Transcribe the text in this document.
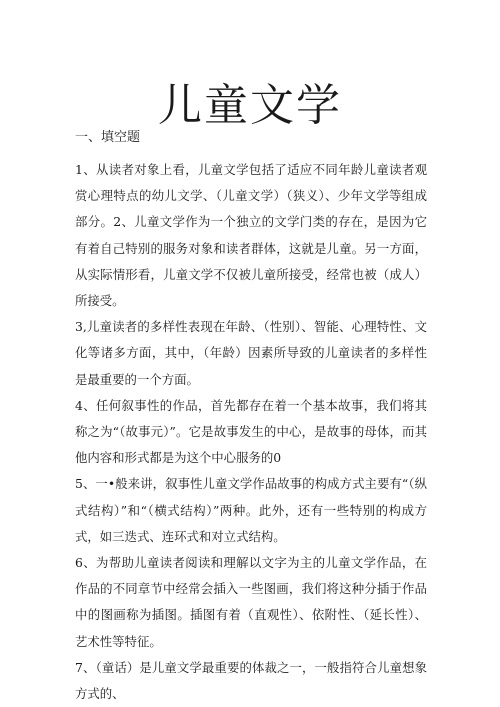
儿童文学

一、填空题

1、从读者对象上看，儿童文学包括了适应不同年龄儿童读者观赏心理特点的幼儿文学、（儿童文学）（狭义）、少年文学等组成部分。2、儿童文学作为一个独立的文学门类的存在，是因为它有着自己特别的服务对象和读者群体，这就是儿童。另一方面，从实际情形看，儿童文学不仅被儿童所接受，经常也被（成人）所接受。

3,儿童读者的多样性表现在年龄、（性别）、智能、心理特性、文化等诸多方面，其中，（年龄）因素所导致的儿童读者的多样性是最重要的一个方面。

4、任何叙事性的作品，首先都存在着一个基本故事，我们将其称之为“（故事元）”。它是故事发生的中心，是故事的母体，而其他内容和形式都是为这个中心服务的0

5、一•般来讲，叙事性儿童文学作品故事的构成方式主要有“（纵式结构）”和“（横式结构）”两种。此外，还有一些特别的构成方式，如三迭式、连环式和对立式结构。

6、为帮助儿童读者阅读和理解以文字为主的儿童文学作品，在作品的不同章节中经常会插入一些图画，我们将这种分插于作品中的图画称为插图。插图有着（直观性）、依附性、（延长性）、艺术性等特征。

7、（童话）是儿童文学最重要的体裁之一，一般指符合儿童想象方式的、
